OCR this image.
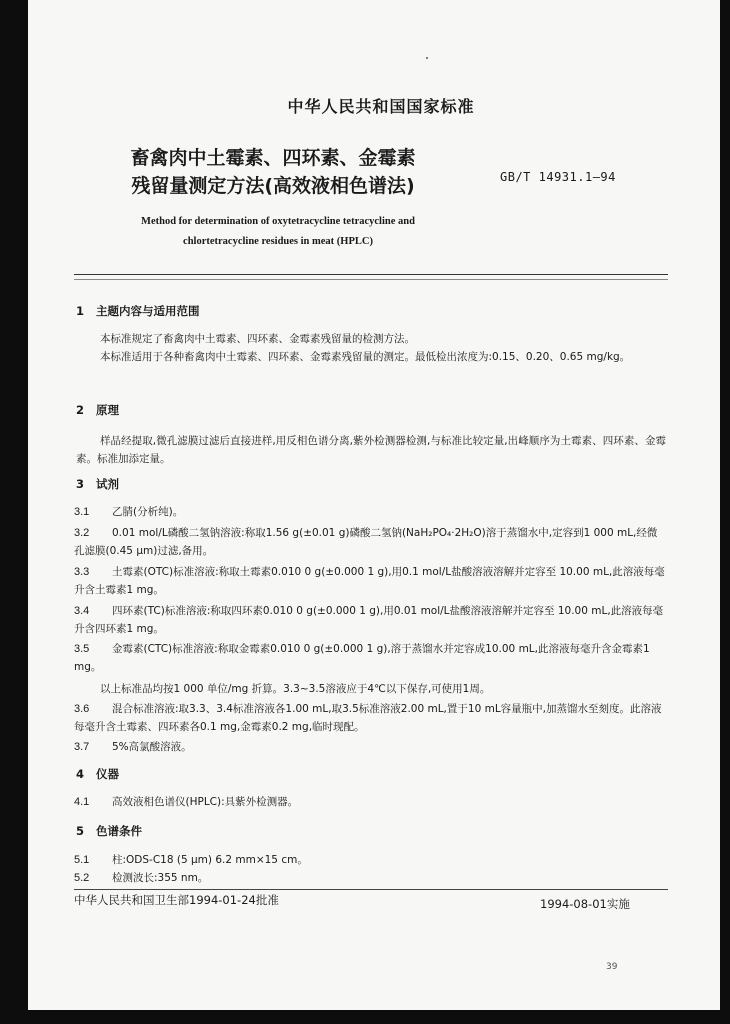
中华人民共和国国家标准
畜禽肉中土霉素、四环素、金霉素
残留量测定方法(高效液相色谱法)	GB/T 14931.1—94
Method for determination of oxytetracycline tetracycline and
chlortetracycline residues in meat (HPLC)
1 主题内容与适用范围
本标准规定了畜禽肉中土霉素、四环素、金霉素残留量的检测方法。
本标准适用于各种畜禽肉中土霉素、四环素、金霉素残留量的测定。最低检出浓度为:0.15、0.20、0.65 mg/kg。
2 原理
样品经提取,微孔滤膜过滤后直接进样,用反相色谱分离,紫外检测器检测,与标准比较定量,出峰顺序为土霉素、四环素、金霉素。标准加添定量。
3 试剂
3.1 乙腈(分析纯)。
3.2 0.01 mol/L磷酸二氢钠溶液:称取1.56 g(±0.01 g)磷酸二氢钠(NaH₂PO₄·2H₂O)溶于蒸馏水中,定容到1 000 mL,经微孔滤膜(0.45 μm)过滤,备用。
3.3 土霉素(OTC)标准溶液:称取土霉素0.010 0 g(±0.000 1 g),用0.1 mol/L盐酸溶液溶解并定容至 10.00 mL,此溶液每毫升含土霉素1 mg。
3.4 四环素(TC)标准溶液:称取四环素0.010 0 g(±0.000 1 g),用0.01 mol/L盐酸溶液溶解并定容至 10.00 mL,此溶液每毫升含四环素1 mg。
3.5 金霉素(CTC)标准溶液:称取金霉素0.010 0 g(±0.000 1 g),溶于蒸馏水并定容成10.00 mL,此溶液每毫升含金霉素1 mg。
以上标准品均按1 000 单位/mg 折算。3.3~3.5溶液应于4℃以下保存,可使用1周。
3.6 混合标准溶液:取3.3、3.4标准溶液各1.00 mL,取3.5标准溶液2.00 mL,置于10 mL容量瓶中,加蒸馏水至刻度。此溶液每毫升含土霉素、四环素各0.1 mg,金霉素0.2 mg,临时现配。
3.7 5%高氯酸溶液。
4 仪器
4.1 高效液相色谱仪(HPLC):具紫外检测器。
5 色谱条件
5.1 柱:ODS-C18 (5 μm) 6.2 mm×15 cm。
5.2 检测波长:355 nm。
中华人民共和国卫生部1994-01-24批准	1994-08-01实施
39
